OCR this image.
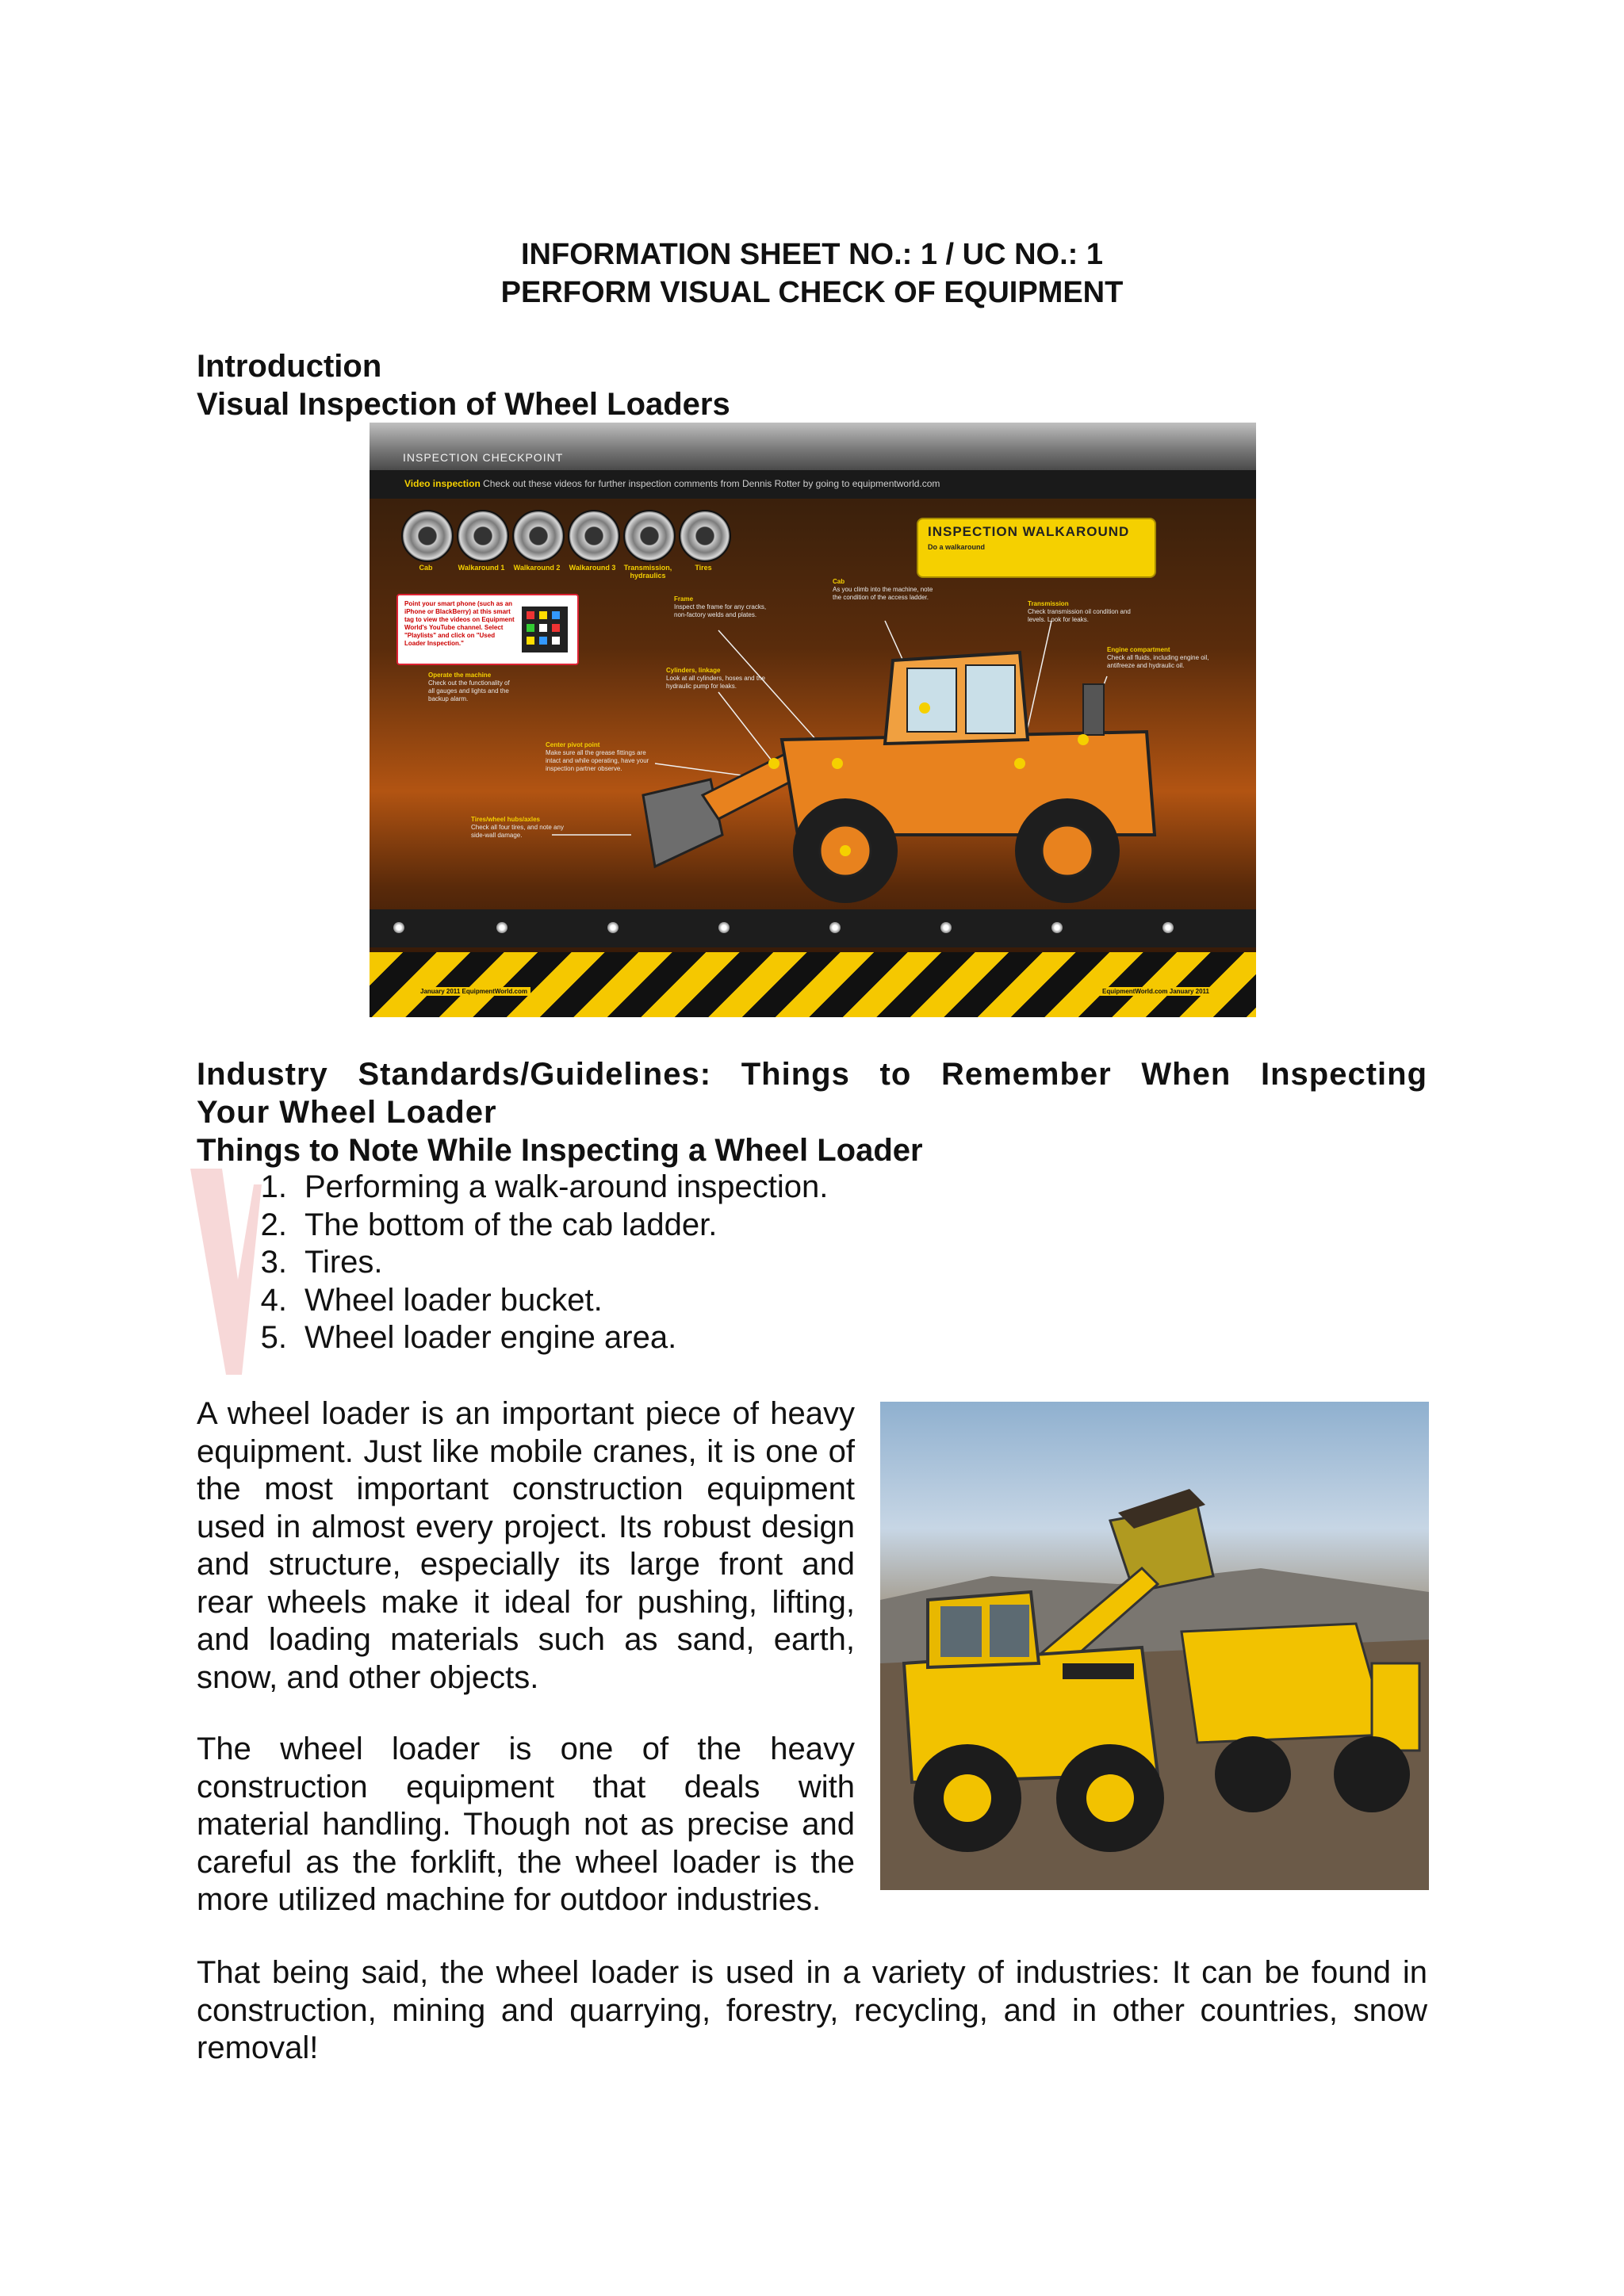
INFORMATION SHEET NO.: 1 / UC NO.: 1
PERFORM VISUAL CHECK OF EQUIPMENT
Introduction
Visual Inspection of Wheel Loaders
INSPECTION CHECKPOINT
Video inspection Check out these videos for further inspection comments from Dennis Rotter by going to equipmentworld.com
Cab	Walkaround 1	Walkaround 2	Walkaround 3	Transmission, hydraulics
Tires
INSPECTION WALKAROUND
Do a walkaround
Point your smart phone (such as an iPhone or BlackBerry) at this smart tag to view the videos on Equipment World's YouTube channel. Select "Playlists" and click on "Used Loader Inspection."
Frame
Inspect the frame for any cracks, non-factory welds and plates.
Cab
As you climb into the machine, note the condition of the access ladder.
Transmission
Check transmission oil condition and levels. Look for leaks.
Operate the machine
Check out the functionality of all gauges and lights and the backup alarm.
Cylinders, linkage
Look at all cylinders, hoses and the hydraulic pump for leaks.
Engine compartment
Check all fluids, including engine oil, antifreeze and hydraulic oil.
Center pivot point
Make sure all the grease fittings are intact and while operating, have your inspection partner observe.
Tires/wheel hubs/axles
Check all four tires, and note any side-wall damage.
January 2011 EquipmentWorld.com	EquipmentWorld.com January 2011
Industry Standards/Guidelines: Things to Remember When Inspecting
Your Wheel Loader
Things to Note While Inspecting a Wheel Loader
1. Performing a walk-around inspection.
2. The bottom of the cab ladder.
3. Tires.
4. Wheel loader bucket.
5. Wheel loader engine area.
A wheel loader is an important piece of heavy equipment. Just like mobile cranes, it is one of the most important construction equipment used in almost every project. Its robust design and structure, especially its large front and rear wheels make it ideal for pushing, lifting, and loading materials such as sand, earth, snow, and other objects.
The wheel loader is one of the heavy construction equipment that deals with material handling. Though not as precise and careful as the forklift, the wheel loader is the more utilized machine for outdoor industries.
That being said, the wheel loader is used in a variety of industries: It can be found in construction, mining and quarrying, forestry, recycling, and in other countries, snow removal!
